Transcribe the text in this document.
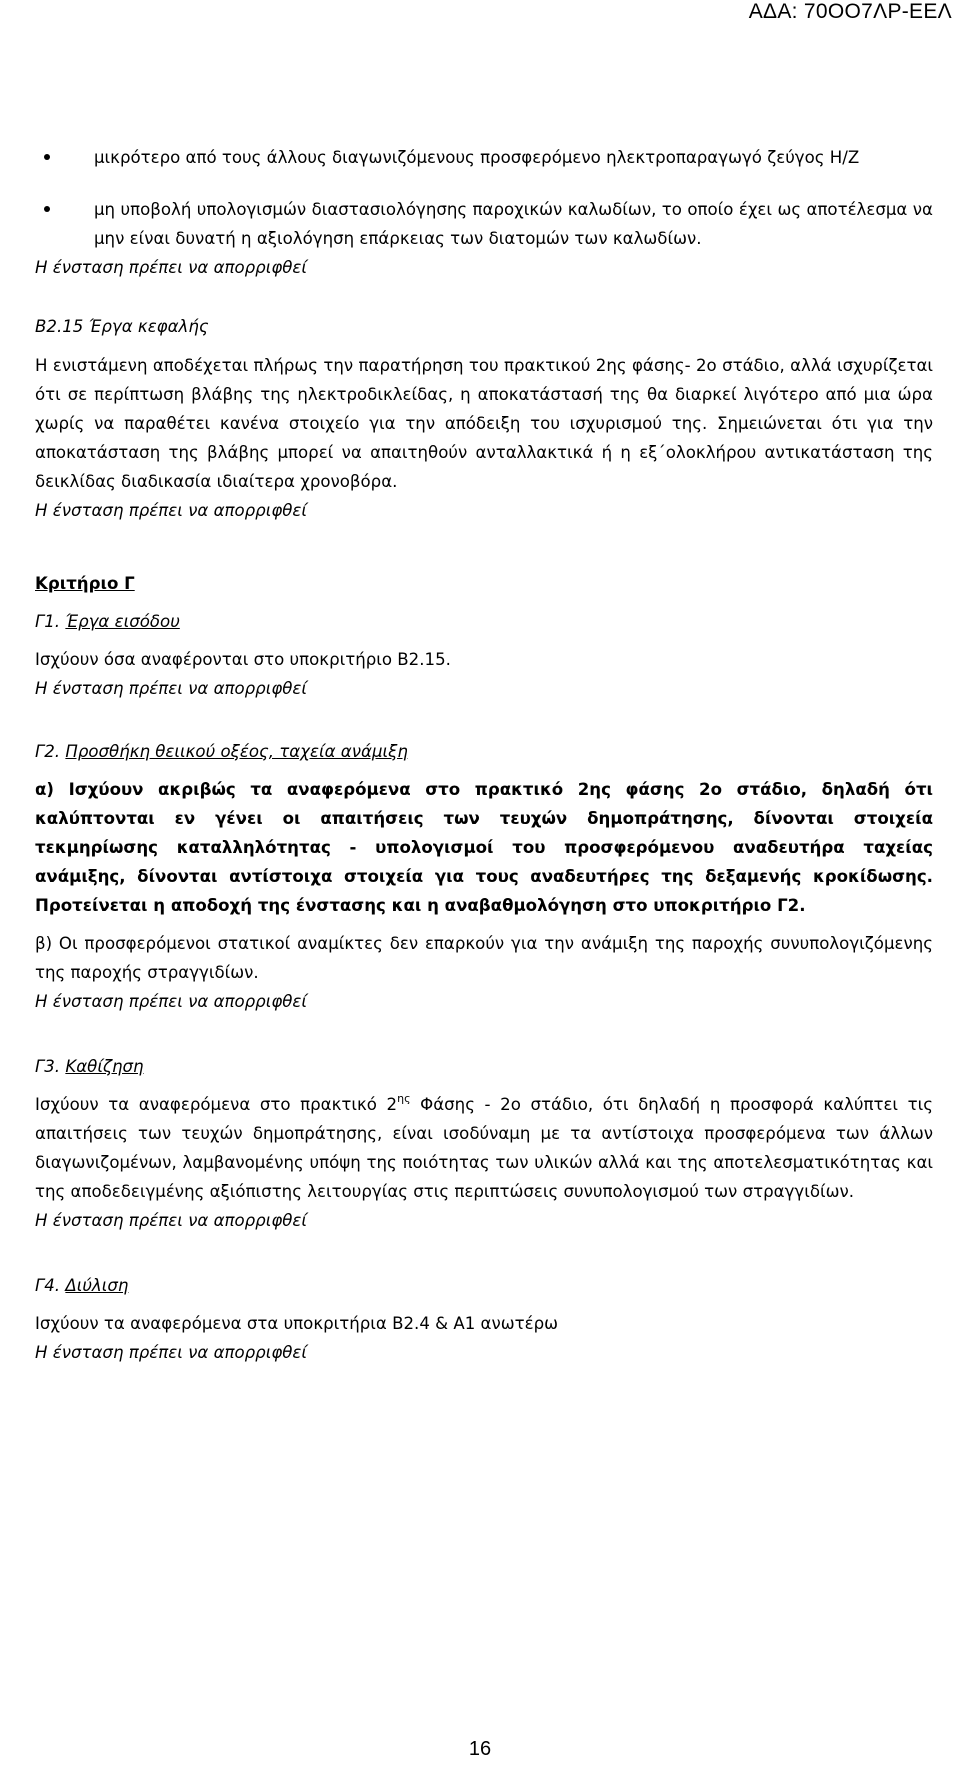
ΑΔΑ: 70ΟΟ7ΛΡ-ΕΕΛ
μικρότερο από τους άλλους διαγωνιζόμενους προσφερόμενο ηλεκτροπαραγωγό ζεύγος Η/Ζ
μη υποβολή υπολογισμών διαστασιολόγησης παροχικών καλωδίων, το οποίο έχει ως αποτέλεσμα να μην είναι δυνατή η αξιολόγηση επάρκειας των διατομών των καλωδίων.

Η ένσταση πρέπει να απορριφθεί

Β2.15 Έργα κεφαλής

Η ενιστάμενη αποδέχεται πλήρως την παρατήρηση του πρακτικού 2ης φάσης- 2ο στάδιο, αλλά ισχυρίζεται ότι σε περίπτωση βλάβης της ηλεκτροδικλείδας, η αποκατάστασή της θα διαρκεί λιγότερο από μια ώρα χωρίς να παραθέτει κανένα στοιχείο για την απόδειξη του ισχυρισμού της. Σημειώνεται ότι για την αποκατάσταση της βλάβης μπορεί να απαιτηθούν ανταλλακτικά ή η εξ΄ολοκλήρου αντικατάσταση της δεικλίδας διαδικασία ιδιαίτερα χρονοβόρα.

Η ένσταση πρέπει να απορριφθεί

Κριτήριο Γ

Γ1. Έργα εισόδου

Ισχύουν όσα αναφέρονται στο υποκριτήριο Β2.15.

Η ένσταση πρέπει να απορριφθεί

Γ2. Προσθήκη θειικού οξέος, ταχεία ανάμιξη

α) Ισχύουν ακριβώς τα αναφερόμενα στο πρακτικό 2ης φάσης 2ο στάδιο, δηλαδή ότι καλύπτονται εν γένει οι απαιτήσεις των τευχών δημοπράτησης, δίνονται στοιχεία τεκμηρίωσης καταλληλότητας - υπολογισμοί του προσφερόμενου αναδευτήρα ταχείας ανάμιξης, δίνονται αντίστοιχα στοιχεία για τους αναδευτήρες της δεξαμενής κροκίδωσης. Προτείνεται η αποδοχή της ένστασης και η αναβαθμολόγηση στο υποκριτήριο Γ2.

β) Οι προσφερόμενοι στατικοί αναμίκτες δεν επαρκούν για την ανάμιξη της παροχής συνυπολογιζόμενης της παροχής στραγγιδίων.

Η ένσταση πρέπει να απορριφθεί

Γ3. Καθίζηση

Ισχύουν τα αναφερόμενα στο πρακτικό $2^{\eta\varsigma}$ Φάσης - 2ο στάδιο, ότι δηλαδή η προσφορά καλύπτει τις απαιτήσεις των τευχών δημοπράτησης, είναι ισοδύναμη με τα αντίστοιχα προσφερόμενα των άλλων διαγωνιζομένων, λαμβανομένης υπόψη της ποιότητας των υλικών αλλά και της αποτελεσματικότητας και της αποδεδειγμένης αξιόπιστης λειτουργίας στις περιπτώσεις συνυπολογισμού των στραγγιδίων.

Η ένσταση πρέπει να απορριφθεί

Γ4. Διύλιση

Ισχύουν τα αναφερόμενα στα υποκριτήρια Β2.4 & Α1 ανωτέρω

Η ένσταση πρέπει να απορριφθεί

16
